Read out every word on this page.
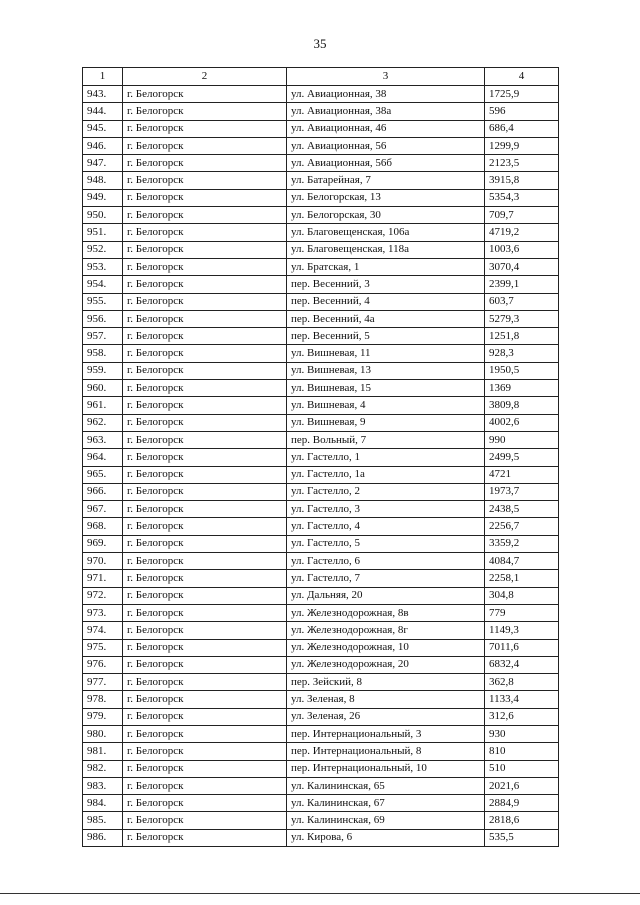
35
1	2	3	4
943.	г. Белогорск	ул. Авиационная, 38	1725,9
944.	г. Белогорск	ул. Авиационная, 38а	596
945.	г. Белогорск	ул. Авиационная, 46	686,4
946.	г. Белогорск	ул. Авиационная, 56	1299,9
947.	г. Белогорск	ул. Авиационная, 56б	2123,5
948.	г. Белогорск	ул. Батарейная, 7	3915,8
949.	г. Белогорск	ул. Белогорская, 13	5354,3
950.	г. Белогорск	ул. Белогорская, 30	709,7
951.	г. Белогорск	ул. Благовещенская, 106а	4719,2
952.	г. Белогорск	ул. Благовещенская, 118а	1003,6
953.	г. Белогорск	ул. Братская, 1	3070,4
954.	г. Белогорск	пер. Весенний, 3	2399,1
955.	г. Белогорск	пер. Весенний, 4	603,7
956.	г. Белогорск	пер. Весенний, 4а	5279,3
957.	г. Белогорск	пер. Весенний, 5	1251,8
958.	г. Белогорск	ул. Вишневая, 11	928,3
959.	г. Белогорск	ул. Вишневая, 13	1950,5
960.	г. Белогорск	ул. Вишневая, 15	1369
961.	г. Белогорск	ул. Вишневая, 4	3809,8
962.	г. Белогорск	ул. Вишневая, 9	4002,6
963.	г. Белогорск	пер. Вольный, 7	990
964.	г. Белогорск	ул. Гастелло, 1	2499,5
965.	г. Белогорск	ул. Гастелло, 1а	4721
966.	г. Белогорск	ул. Гастелло, 2	1973,7
967.	г. Белогорск	ул. Гастелло, 3	2438,5
968.	г. Белогорск	ул. Гастелло, 4	2256,7
969.	г. Белогорск	ул. Гастелло, 5	3359,2
970.	г. Белогорск	ул. Гастелло, 6	4084,7
971.	г. Белогорск	ул. Гастелло, 7	2258,1
972.	г. Белогорск	ул. Дальняя, 20	304,8
973.	г. Белогорск	ул. Железнодорожная, 8в	779
974.	г. Белогорск	ул. Железнодорожная, 8г	1149,3
975.	г. Белогорск	ул. Железнодорожная, 10	7011,6
976.	г. Белогорск	ул. Железнодорожная, 20	6832,4
977.	г. Белогорск	пер. Зейский, 8	362,8
978.	г. Белогорск	ул. Зеленая, 8	1133,4
979.	г. Белогорск	ул. Зеленая, 26	312,6
980.	г. Белогорск	пер. Интернациональный, 3	930
981.	г. Белогорск	пер. Интернациональный, 8	810
982.	г. Белогорск	пер. Интернациональный, 10	510
983.	г. Белогорск	ул. Калининская, 65	2021,6
984.	г. Белогорск	ул. Калининская, 67	2884,9
985.	г. Белогорск	ул. Калининская, 69	2818,6
986.	г. Белогорск	ул. Кирова, 6	535,5
